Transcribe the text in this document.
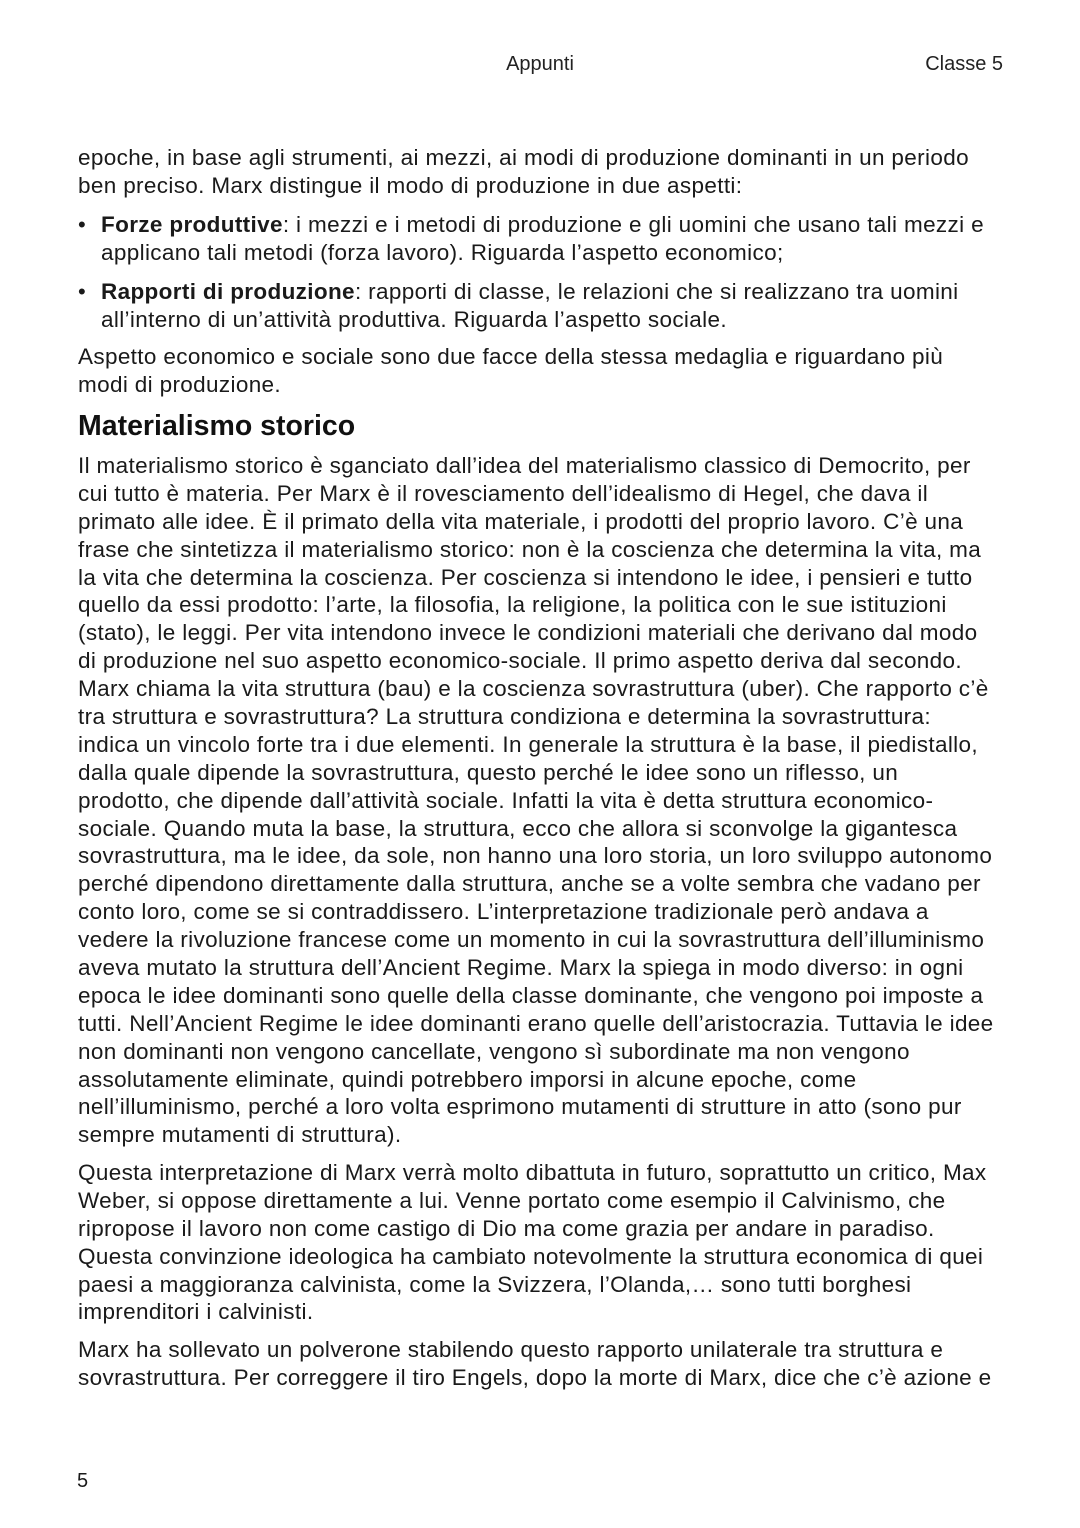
Appunti	Classe 5
epoche, in base agli strumenti, ai mezzi, ai modi di produzione dominanti in un periodo
ben preciso. Marx distingue il modo di produzione in due aspetti:
• Forze produttive: i mezzi e i metodi di produzione e gli uomini che usano tali mezzi e
applicano tali metodi (forza lavoro). Riguarda l’aspetto economico;
• Rapporti di produzione: rapporti di classe, le relazioni che si realizzano tra uomini
all’interno di un’attività produttiva. Riguarda l’aspetto sociale.
Aspetto economico e sociale sono due facce della stessa medaglia e riguardano più
modi di produzione.
Materialismo storico
Il materialismo storico è sganciato dall’idea del materialismo classico di Democrito, per
cui tutto è materia. Per Marx è il rovesciamento dell’idealismo di Hegel, che dava il
primato alle idee. È il primato della vita materiale, i prodotti del proprio lavoro. C’è una
frase che sintetizza il materialismo storico: non è la coscienza che determina la vita, ma
la vita che determina la coscienza. Per coscienza si intendono le idee, i pensieri e tutto
quello da essi prodotto: l’arte, la filosofia, la religione, la politica con le sue istituzioni
(stato), le leggi. Per vita intendono invece le condizioni materiali che derivano dal modo
di produzione nel suo aspetto economico-sociale. Il primo aspetto deriva dal secondo.
Marx chiama la vita struttura (bau) e la coscienza sovrastruttura (uber). Che rapporto c’è
tra struttura e sovrastruttura? La struttura condiziona e determina la sovrastruttura:
indica un vincolo forte tra i due elementi. In generale la struttura è la base, il piedistallo,
dalla quale dipende la sovrastruttura, questo perché le idee sono un riflesso, un
prodotto, che dipende dall’attività sociale. Infatti la vita è detta struttura economico-
sociale. Quando muta la base, la struttura, ecco che allora si sconvolge la gigantesca
sovrastruttura, ma le idee, da sole, non hanno una loro storia, un loro sviluppo autonomo
perché dipendono direttamente dalla struttura, anche se a volte sembra che vadano per
conto loro, come se si contraddissero. L’interpretazione tradizionale però andava a
vedere la rivoluzione francese come un momento in cui la sovrastruttura dell’illuminismo
aveva mutato la struttura dell’Ancient Regime. Marx la spiega in modo diverso: in ogni
epoca le idee dominanti sono quelle della classe dominante, che vengono poi imposte a
tutti. Nell’Ancient Regime le idee dominanti erano quelle dell’aristocrazia. Tuttavia le idee
non dominanti non vengono cancellate, vengono sì subordinate ma non vengono
assolutamente eliminate, quindi potrebbero imporsi in alcune epoche, come
nell’illuminismo, perché a loro volta esprimono mutamenti di strutture in atto (sono pur
sempre mutamenti di struttura).
Questa interpretazione di Marx verrà molto dibattuta in futuro, soprattutto un critico, Max
Weber, si oppose direttamente a lui. Venne portato come esempio il Calvinismo, che
ripropose il lavoro non come castigo di Dio ma come grazia per andare in paradiso.
Questa convinzione ideologica ha cambiato notevolmente la struttura economica di quei
paesi a maggioranza calvinista, come la Svizzera, l’Olanda,… sono tutti borghesi
imprenditori i calvinisti.
Marx ha sollevato un polverone stabilendo questo rapporto unilaterale tra struttura e
sovrastruttura. Per correggere il tiro Engels, dopo la morte di Marx, dice che c’è azione e
5
